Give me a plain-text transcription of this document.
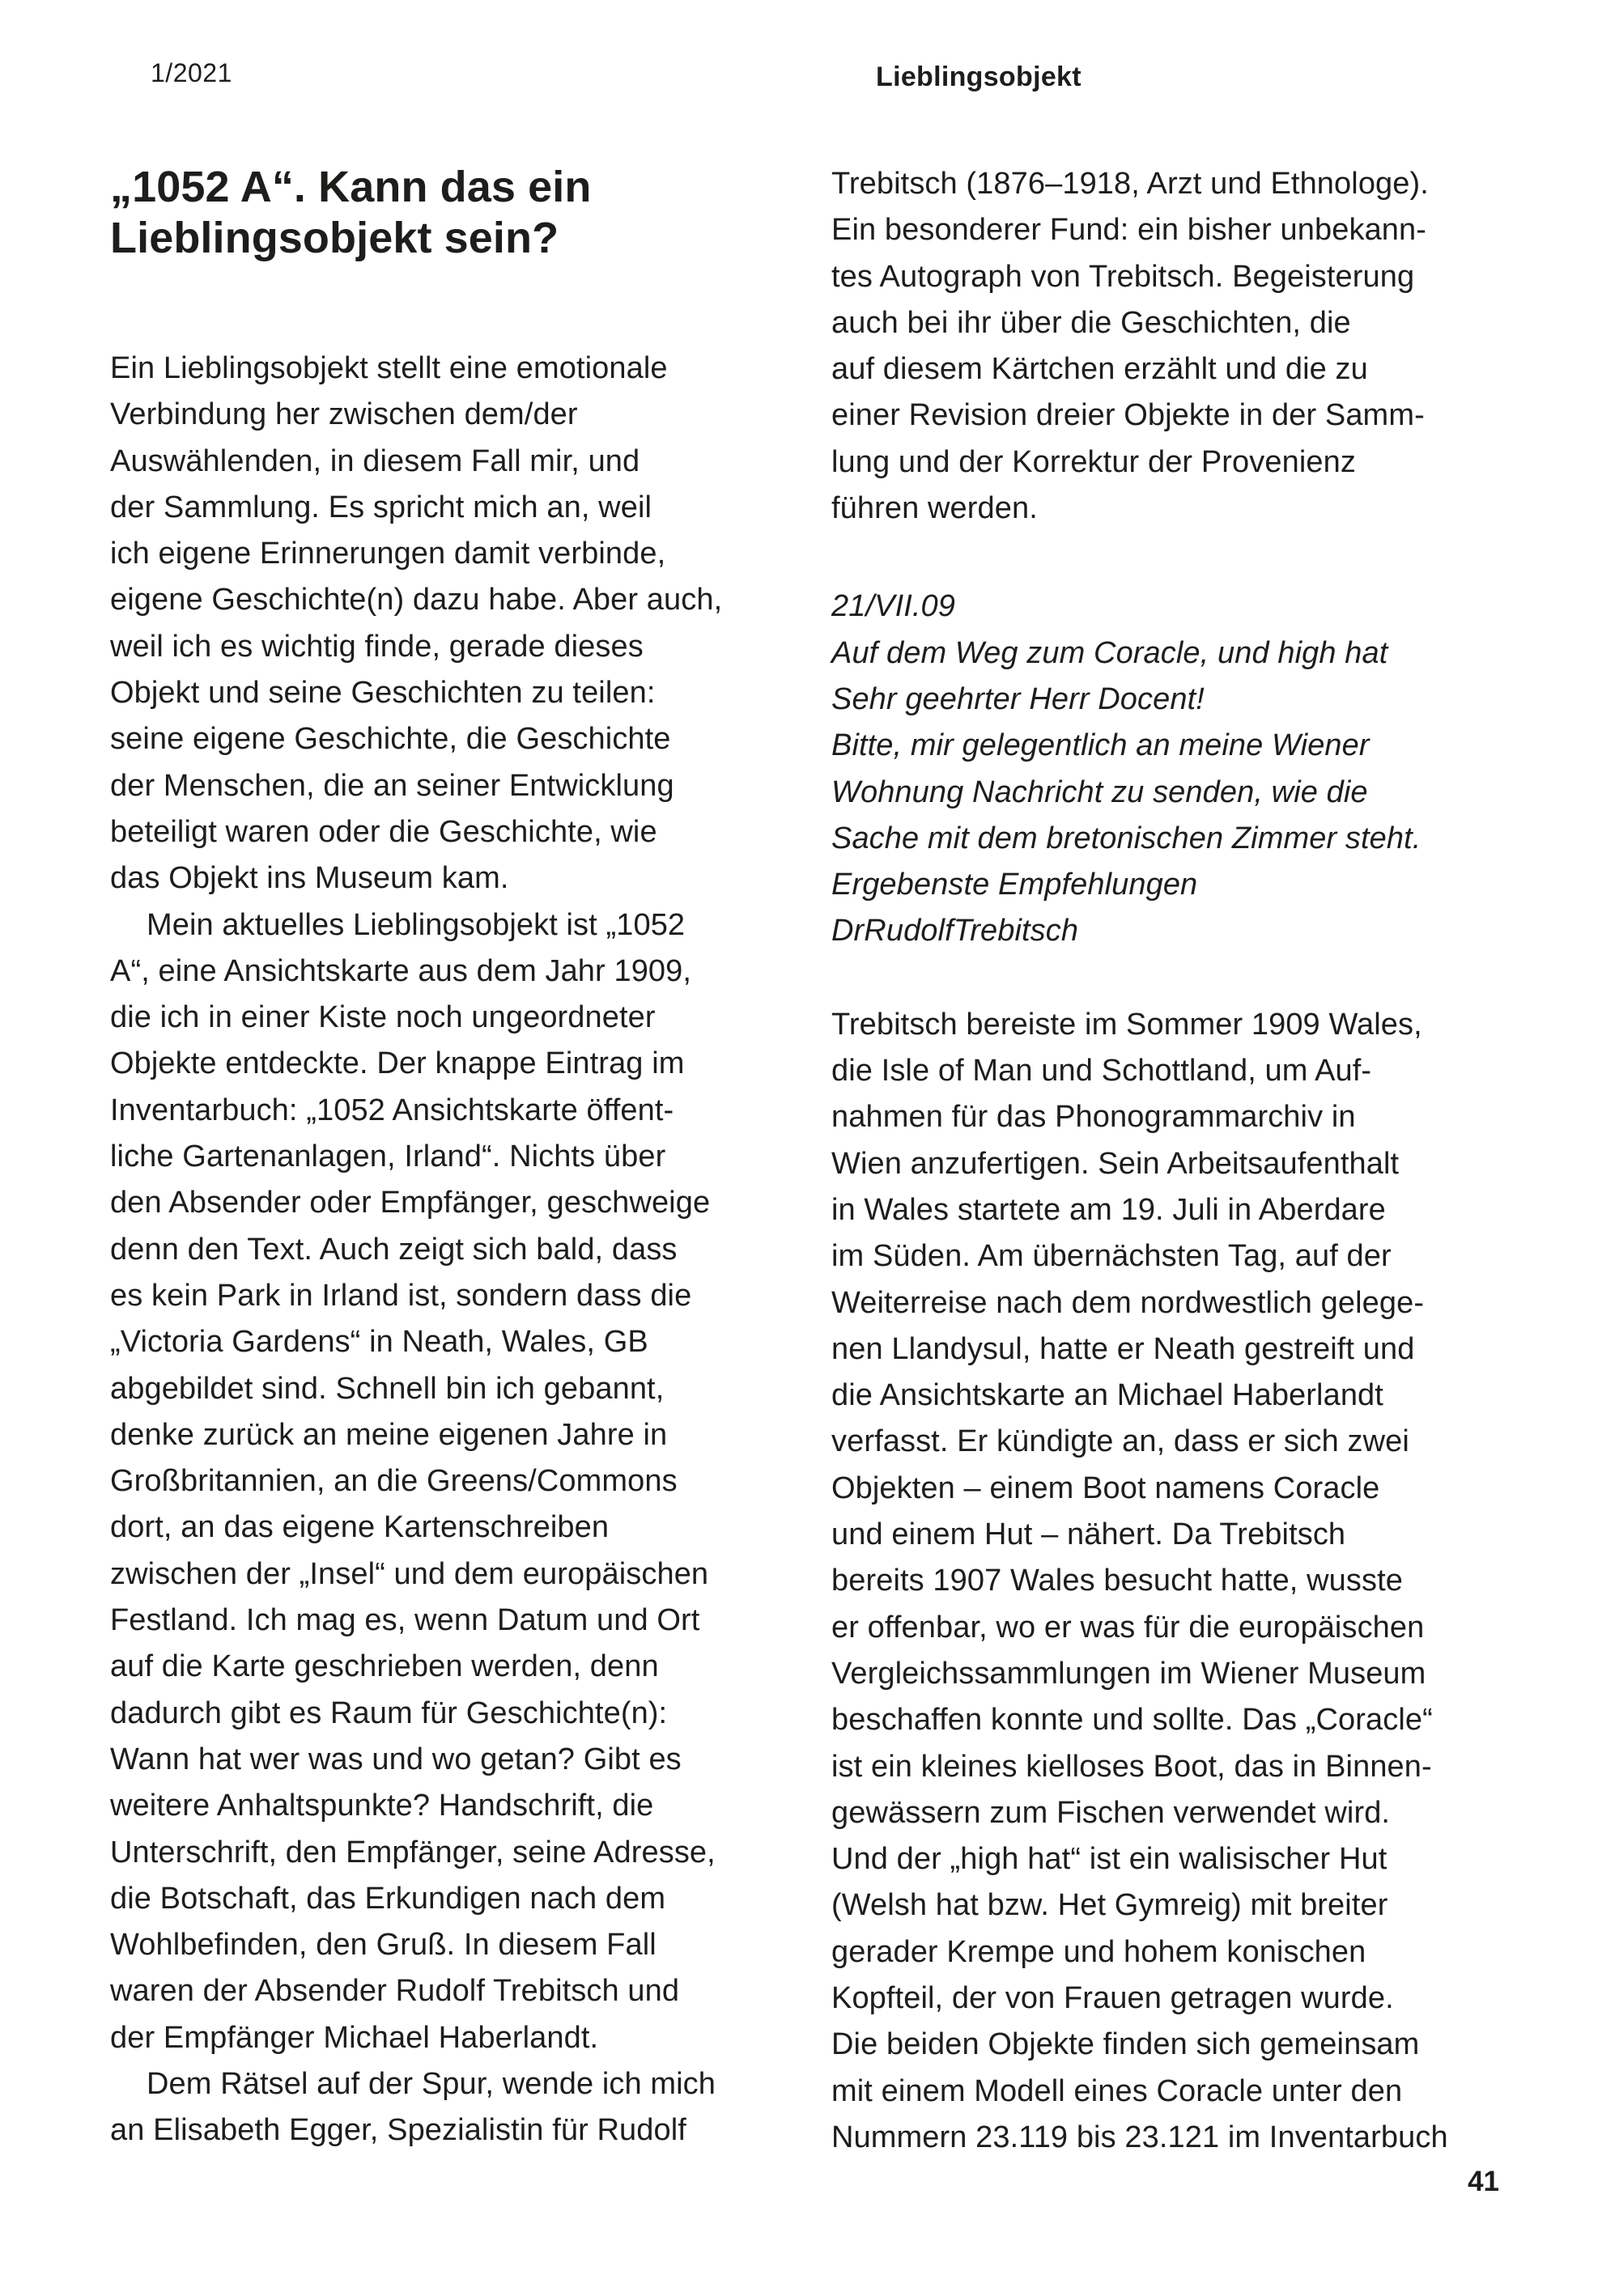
1/2021	Lieblingsobjekt
„1052 A“. Kann das ein
Lieblingsobjekt sein?
Ein Lieblingsobjekt stellt eine emotionale
Verbindung her zwischen dem/der
Auswählenden, in diesem Fall mir, und
der Sammlung. Es spricht mich an, weil
ich eigene Erinnerungen damit verbinde,
eigene Geschichte(n) dazu habe. Aber auch,
weil ich es wichtig finde, gerade dieses
Objekt und seine Geschichten zu teilen:
seine eigene Geschichte, die Geschichte
der Menschen, die an seiner Entwicklung
beteiligt waren oder die Geschichte, wie
das Objekt ins Museum kam.
Mein aktuelles Lieblingsobjekt ist „1052
A“, eine Ansichtskarte aus dem Jahr 1909,
die ich in einer Kiste noch ungeordneter
Objekte entdeckte. Der knappe Eintrag im
Inventarbuch: „1052 Ansichtskarte öffent-
liche Gartenanlagen, Irland“. Nichts über
den Absender oder Empfänger, geschweige
denn den Text. Auch zeigt sich bald, dass
es kein Park in Irland ist, sondern dass die
„Victoria Gardens“ in Neath, Wales, GB
abgebildet sind. Schnell bin ich gebannt,
denke zurück an meine eigenen Jahre in
Großbritannien, an die Greens/Commons
dort, an das eigene Kartenschreiben
zwischen der „Insel“ und dem europäischen
Festland. Ich mag es, wenn Datum und Ort
auf die Karte geschrieben werden, denn
dadurch gibt es Raum für Geschichte(n):
Wann hat wer was und wo getan? Gibt es
weitere Anhaltspunkte? Handschrift, die
Unterschrift, den Empfänger, seine Adresse,
die Botschaft, das Erkundigen nach dem
Wohlbefinden, den Gruß. In diesem Fall
waren der Absender Rudolf Trebitsch und
der Empfänger Michael Haberlandt.
Dem Rätsel auf der Spur, wende ich mich
an Elisabeth Egger, Spezialistin für Rudolf
Trebitsch (1876–1918, Arzt und Ethnologe).
Ein besonderer Fund: ein bisher unbekann-
tes Autograph von Trebitsch. Begeisterung
auch bei ihr über die Geschichten, die
auf diesem Kärtchen erzählt und die zu
einer Revision dreier Objekte in der Samm-
lung und der Korrektur der Provenienz
führen werden.
21/VII.09
Auf dem Weg zum Coracle, und high hat
Sehr geehrter Herr Docent!
Bitte, mir gelegentlich an meine Wiener
Wohnung Nachricht zu senden, wie die
Sache mit dem bretonischen Zimmer steht.
Ergebenste Empfehlungen
DrRudolfTrebitsch
Trebitsch bereiste im Sommer 1909 Wales,
die Isle of Man und Schottland, um Auf-
nahmen für das Phonogrammarchiv in
Wien anzufertigen. Sein Arbeitsaufenthalt
in Wales startete am 19. Juli in Aberdare
im Süden. Am übernächsten Tag, auf der
Weiterreise nach dem nordwestlich gelege-
nen Llandysul, hatte er Neath gestreift und
die Ansichtskarte an Michael Haberlandt
verfasst. Er kündigte an, dass er sich zwei
Objekten – einem Boot namens Coracle
und einem Hut – nähert. Da Trebitsch
bereits 1907 Wales besucht hatte, wusste
er offenbar, wo er was für die europäischen
Vergleichssammlungen im Wiener Museum
beschaffen konnte und sollte. Das „Coracle“
ist ein kleines kielloses Boot, das in Binnen-
gewässern zum Fischen verwendet wird.
Und der „high hat“ ist ein walisischer Hut
(Welsh hat bzw. Het Gymreig) mit breiter
gerader Krempe und hohem konischen
Kopfteil, der von Frauen getragen wurde.
Die beiden Objekte finden sich gemeinsam
mit einem Modell eines Coracle unter den
Nummern 23.119 bis 23.121 im Inventarbuch
41
